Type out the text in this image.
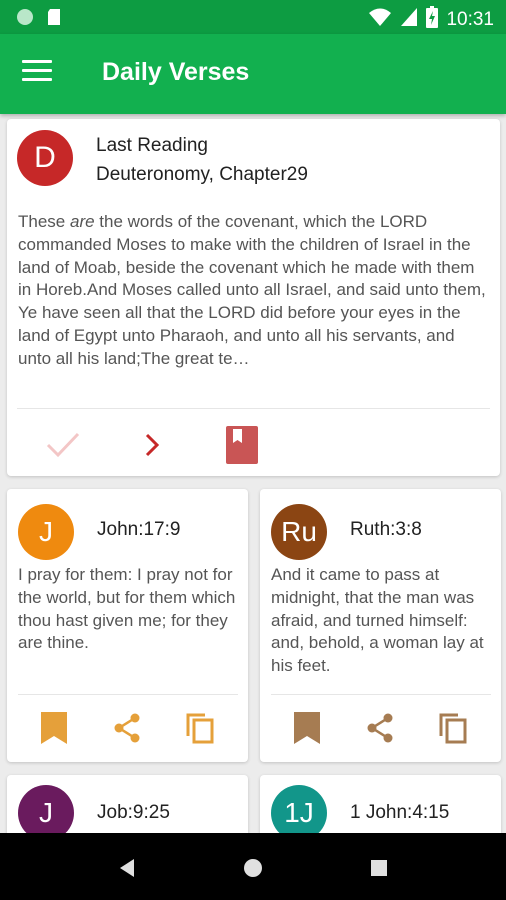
10:31
Daily Verses
D	Last Reading
Deuteronomy, Chapter29
These are the words of the covenant, which the LORD commanded Moses to make with the children of Israel in the land of Moab, beside the covenant which he made with them in Horeb.And Moses called unto all Israel, and said unto them, Ye have seen all that the LORD did before your eyes in the land of Egypt unto Pharaoh, and unto all his servants, and unto all his land;The great te…
J	John:17:9
I pray for them: I pray not for the world, but for them which thou hast given me; for they are thine.
Ru	Ruth:3:8
And it came to pass at midnight, that the man was afraid, and turned himself: and, behold, a woman lay at his feet.
J	Job:9:25	1J	1 John:4:15
